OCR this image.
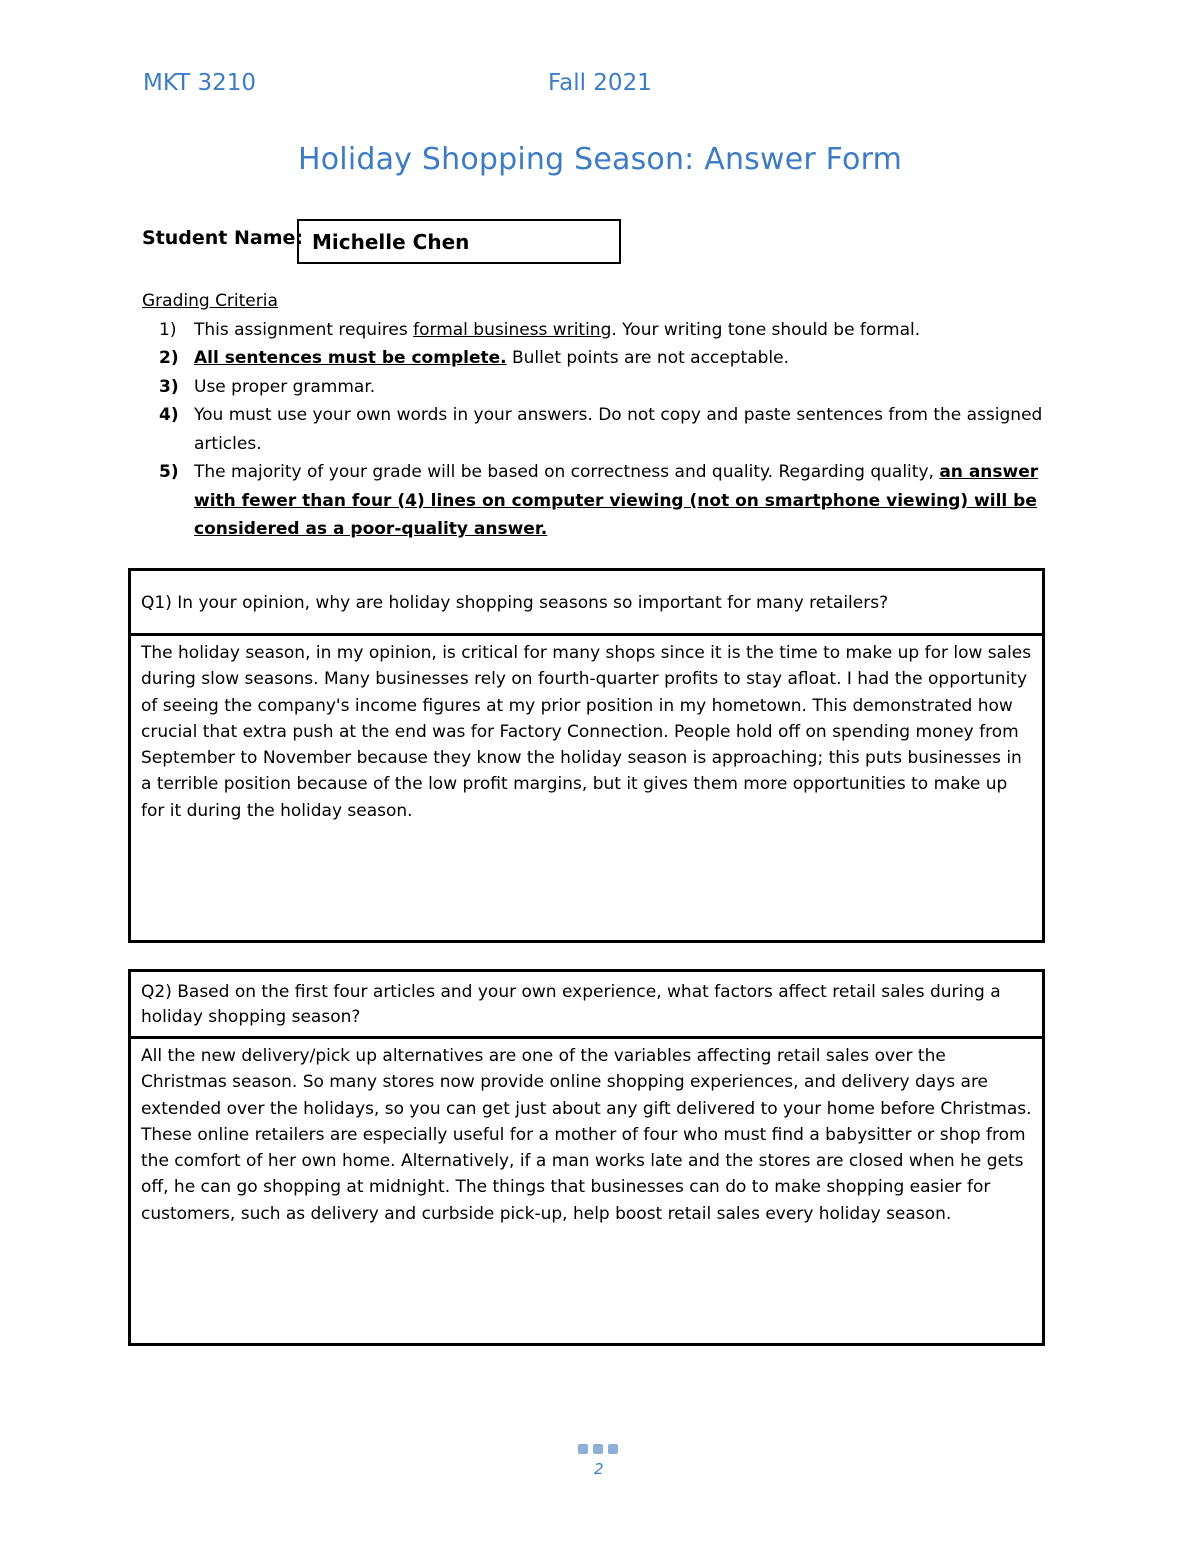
MKT 3210	Fall 2021
Holiday Shopping Season: Answer Form
Student Name: Michelle Chen
Grading Criteria
1) This assignment requires formal business writing. Your writing tone should be formal.
2) All sentences must be complete. Bullet points are not acceptable.
3) Use proper grammar.
4) You must use your own words in your answers. Do not copy and paste sentences from the assigned articles.
5) The majority of your grade will be based on correctness and quality. Regarding quality, an answer with fewer than four (4) lines on computer viewing (not on smartphone viewing) will be considered as a poor-quality answer.
Q1) In your opinion, why are holiday shopping seasons so important for many retailers?
The holiday season, in my opinion, is critical for many shops since it is the time to make up for low sales during slow seasons. Many businesses rely on fourth-quarter profits to stay afloat. I had the opportunity of seeing the company's income figures at my prior position in my hometown. This demonstrated how crucial that extra push at the end was for Factory Connection. People hold off on spending money from September to November because they know the holiday season is approaching; this puts businesses in a terrible position because of the low profit margins, but it gives them more opportunities to make up for it during the holiday season.
Q2) Based on the first four articles and your own experience, what factors affect retail sales during a holiday shopping season?
All the new delivery/pick up alternatives are one of the variables affecting retail sales over the Christmas season. So many stores now provide online shopping experiences, and delivery days are extended over the holidays, so you can get just about any gift delivered to your home before Christmas. These online retailers are especially useful for a mother of four who must find a babysitter or shop from the comfort of her own home. Alternatively, if a man works late and the stores are closed when he gets off, he can go shopping at midnight. The things that businesses can do to make shopping easier for customers, such as delivery and curbside pick-up, help boost retail sales every holiday season.
2
